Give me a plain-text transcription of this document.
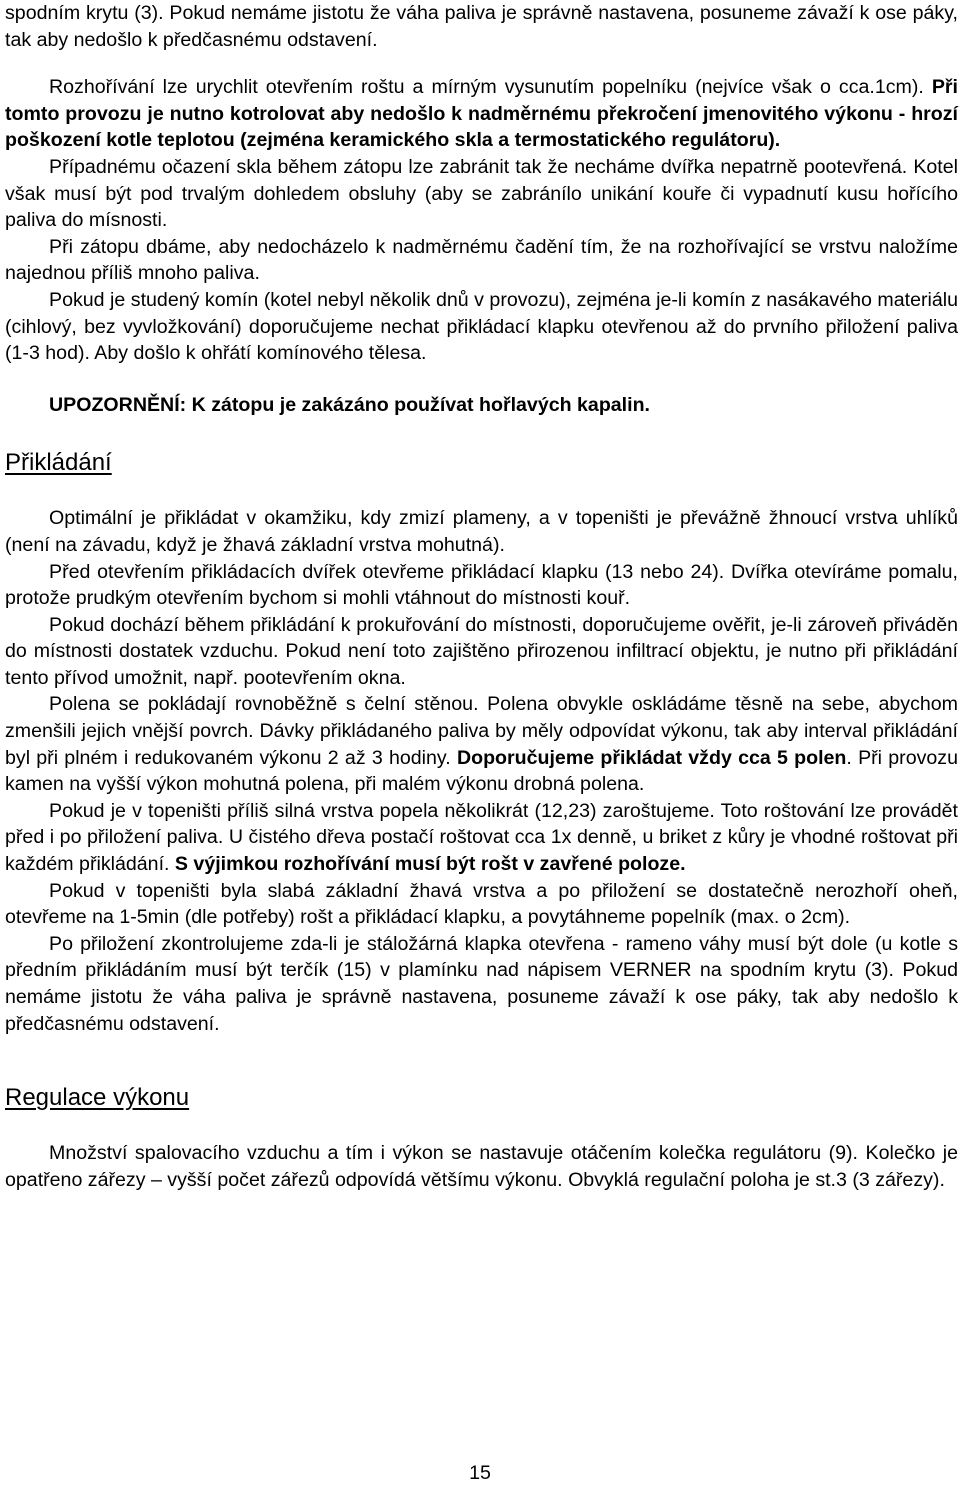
spodním krytu (3). Pokud nemáme jistotu že váha paliva je správně nastavena, posuneme závaží k ose páky, tak aby nedošlo k předčasnému odstavení.

Rozhořívání lze urychlit otevřením roštu a mírným vysunutím popelníku (nejvíce však o cca.1cm). Při tomto provozu je nutno kotrolovat aby nedošlo k nadměrnému překročení jmenovitého výkonu - hrozí poškození kotle teplotou (zejména keramického skla a termostatického regulátoru).

Případnému očazení skla během zátopu lze zabránit tak že necháme dvířka nepatrně pootevřená. Kotel však musí být pod trvalým dohledem obsluhy (aby se zabránílo unikání kouře či vypadnutí kusu hořícího paliva do mísnosti.

Při zátopu dbáme, aby nedocházelo k nadměrnému čadění tím, že na rozhořívající se vrstvu naložíme najednou příliš mnoho paliva.

Pokud je studený komín (kotel nebyl několik dnů v provozu), zejména je-li komín z nasákavého materiálu (cihlový, bez vyvložkování) doporučujeme nechat přikládací klapku otevřenou až do prvního přiložení paliva (1-3 hod). Aby došlo k ohřátí komínového tělesa.

UPOZORNĚNÍ: K zátopu je zakázáno používat hořlavých kapalin.

Přikládání

Optimální je přikládat v okamžiku, kdy zmizí plameny, a v topeništi je převážně žhnoucí vrstva uhlíků (není na závadu, když je žhavá základní vrstva mohutná).

Před otevřením přikládacích dvířek otevřeme přikládací klapku (13 nebo 24). Dvířka otevíráme pomalu, protože prudkým otevřením bychom si mohli vtáhnout do místnosti kouř.

Pokud dochází během přikládání k prokuřování do místnosti, doporučujeme ověřit, je-li zároveň přiváděn do místnosti dostatek vzduchu. Pokud není toto zajištěno přirozenou infiltrací objektu, je nutno při přikládání tento přívod umožnit, např. pootevřením okna.

Polena se pokládají rovnoběžně s čelní stěnou. Polena obvykle oskládáme těsně na sebe, abychom zmenšili jejich vnější povrch. Dávky přikládaného paliva by měly odpovídat výkonu, tak aby interval přikládání byl při plném i redukovaném výkonu 2 až 3 hodiny. Doporučujeme přikládat vždy cca 5 polen. Při provozu kamen na vyšší výkon mohutná polena, při malém výkonu drobná polena.

Pokud je v topeništi příliš silná vrstva popela několikrát (12,23) zaroštujeme. Toto roštování lze provádět před i po přiložení paliva. U čistého dřeva postačí roštovat cca 1x denně, u briket z kůry je vhodné roštovat při každém přikládání. S výjimkou rozhořívání musí být rošt v zavřené poloze.

Pokud v topeništi byla slabá základní žhavá vrstva a po přiložení se dostatečně nerozhoří oheň, otevřeme na 1-5min (dle potřeby) rošt a přikládací klapku, a povytáhneme popelník (max. o 2cm).

Po přiložení zkontrolujeme zda-li je stáložárná klapka otevřena - rameno váhy musí být dole (u kotle s předním přikládáním musí být terčík (15) v plamínku nad nápisem VERNER na spodním krytu (3). Pokud nemáme jistotu že váha paliva je správně nastavena, posuneme závaží k ose páky, tak aby nedošlo k předčasnému odstavení.

Regulace výkonu

Množství spalovacího vzduchu a tím i výkon se nastavuje otáčením kolečka regulátoru (9). Kolečko je opatřeno zářezy – vyšší počet zářezů odpovídá většímu výkonu. Obvyklá regulační poloha je st.3 (3 zářezy).

15
